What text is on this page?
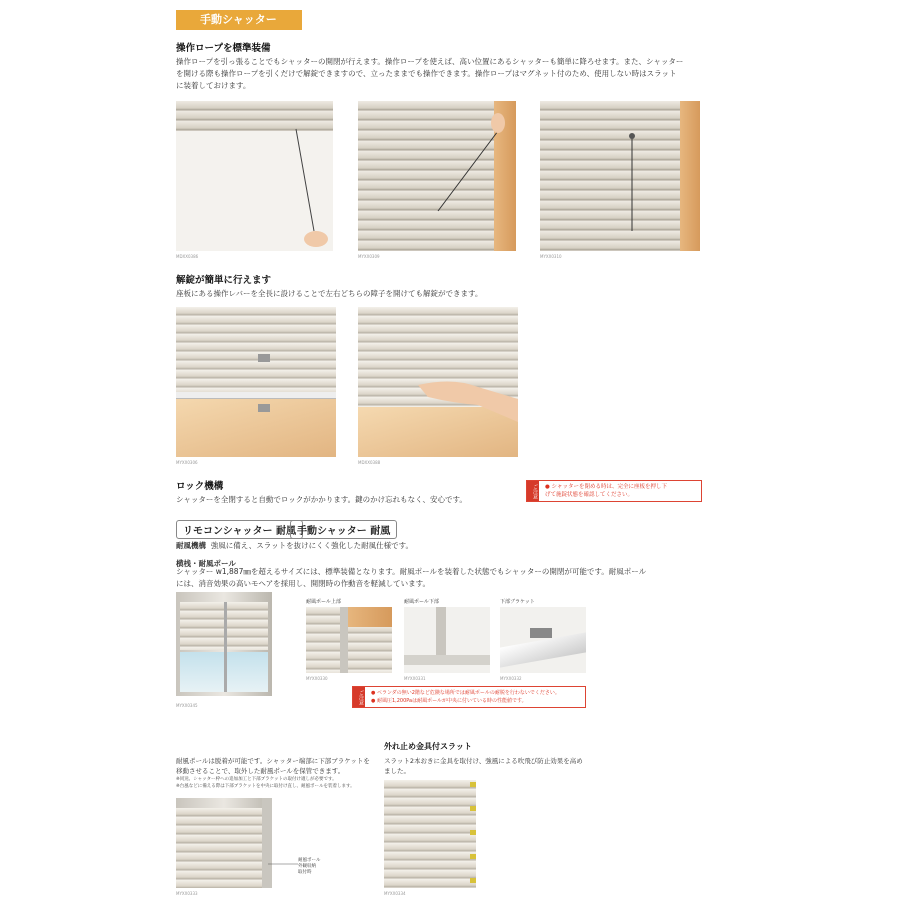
手動シャッター
操作ロープを標準装備
操作ロープを引っ張ることでもシャッターの開閉が行えます。操作ロープを使えば、高い位置にあるシャッターも簡単に降ろせます。また、シャッター
を開ける際も操作ロープを引くだけで解錠できますので、立ったままでも操作できます。操作ロープはマグネット付のため、使用しない時はスラット
に装着しておけます。
MDXX0386	MYXX0309	MYXX0310
解錠が簡単に行えます
座板にある操作レバーを全長に設けることで左右どちらの障子を開けても解錠ができます。
MYXX0306	MDXX0388
ロック機構
シャッターを全閉すると自動でロックがかかります。鍵のかけ忘れもなく、安心です。
ご注意 ● シャッターを閉める時は、完全に座板を押し下
げて施錠状態を確認してください。
リモコンシャッター 耐風 手動シャッター 耐風
耐風機構 強風に備え、スラットを抜けにくく強化した耐風仕様です。
横桟・耐風ポール
シャッター w1,887㎜を超えるサイズには、標準装備となります。耐風ポールを装着した状態でもシャッターの開閉が可能です。耐風ポール
には、消音効果の高いモヘアを採用し、開閉時の作動音を軽減しています。
MYXX0345
耐風ポール上部
MYXX0330
耐風ポール下部
MYXX0331
下部ブラケット
MYXX0332
ご注意 ● ベランダの無い2階など危険な場所では耐風ポールの耐脱を行わないでください。
● 耐風圧1,200Paは耐風ポールが中央に付いている時の性能値です。
耐風ポールは脱着が可能です。シャッター端部に下部ブラケットを
移動させることで、取外した耐風ポールを保管できます。
※同送、シャッター枠への追加加工と下部ブラケットの取付け適しが必要です。
※台風などに備える際は下部ブラケットを中央に取付け直し、耐風ポールを装着します。
耐風ポール
外観収納
取付時
MYXX0333
外れ止め金具付スラット
スラット2本おきに金具を取付け、強風による吹飛び防止効果を高め
ました。
MYXX0334
